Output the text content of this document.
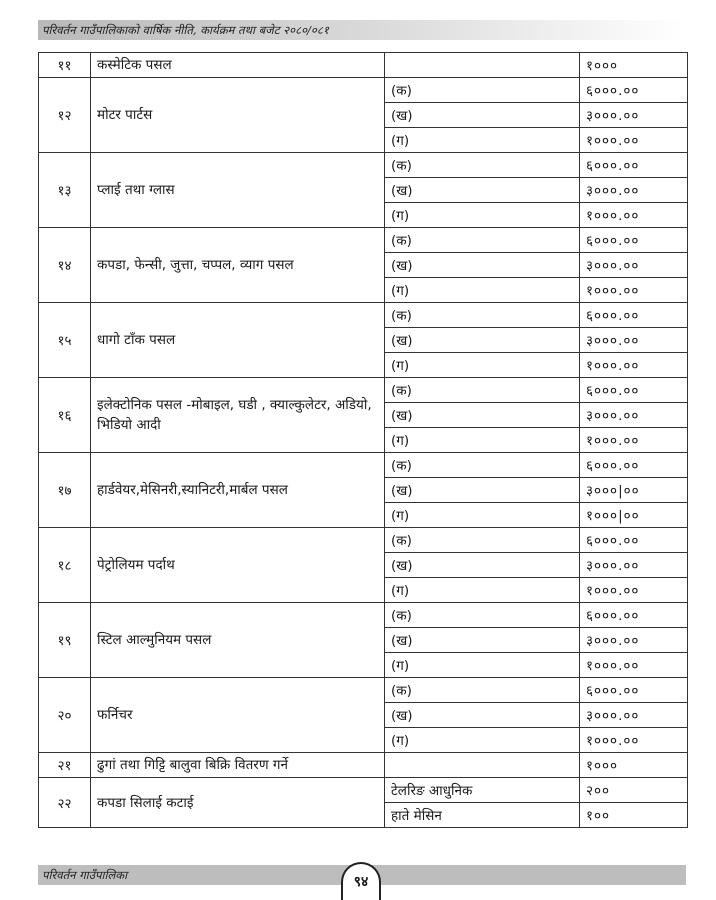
परिवर्तन गाउँपालिकाको वार्षिक नीति, कार्यक्रम तथा बजेट २०८०/०८१
११	कस्मेटिक पसल		१०००
१२	मोटर पार्टस	(क)	६०००.००
		(ख)	३०००.००
		(ग)	१०००.००
१३	प्लाई तथा ग्लास	(क)	६०००.००
		(ख)	३०००.००
		(ग)	१०००.००
१४	कपडा, फेन्सी, जुत्ता, चप्पल, व्याग पसल	(क)	६०००.००
		(ख)	३०००.००
		(ग)	१०००.००
१५	धागो टाँक पसल	(क)	६०००.००
		(ख)	३०००.००
		(ग)	१०००.००
१६	इलेक्टोनिक पसल -मोबाइल, घडी , क्याल्कुलेटर, अडियो, भिडियो आदी	(क)	६०००.००
		(ख)	३०००.००
		(ग)	१०००.००
१७	हार्डवेयर,मेसिनरी,स्यानिटरी,मार्बल पसल	(क)	६०००.००
		(ख)	३०००|००
		(ग)	१०००|००
१८	पेट्रोलियम पर्दाथ	(क)	६०००.००
		(ख)	३०००.००
		(ग)	१०००.००
१९	स्टिल आल्मुनियम पसल	(क)	६०००.००
		(ख)	३०००.००
		(ग)	१०००.००
२०	फर्निचर	(क)	६०००.००
		(ख)	३०००.००
		(ग)	१०००.००
२१	ढुगां तथा गिट्टि बालुवा बिक्रि वितरण गर्ने		१०००
२२	कपडा सिलाई कटाई	टेलरिङ आधुनिक	२००
		हाते मेसिन	१००
परिवर्तन गाउँपालिका	९४
